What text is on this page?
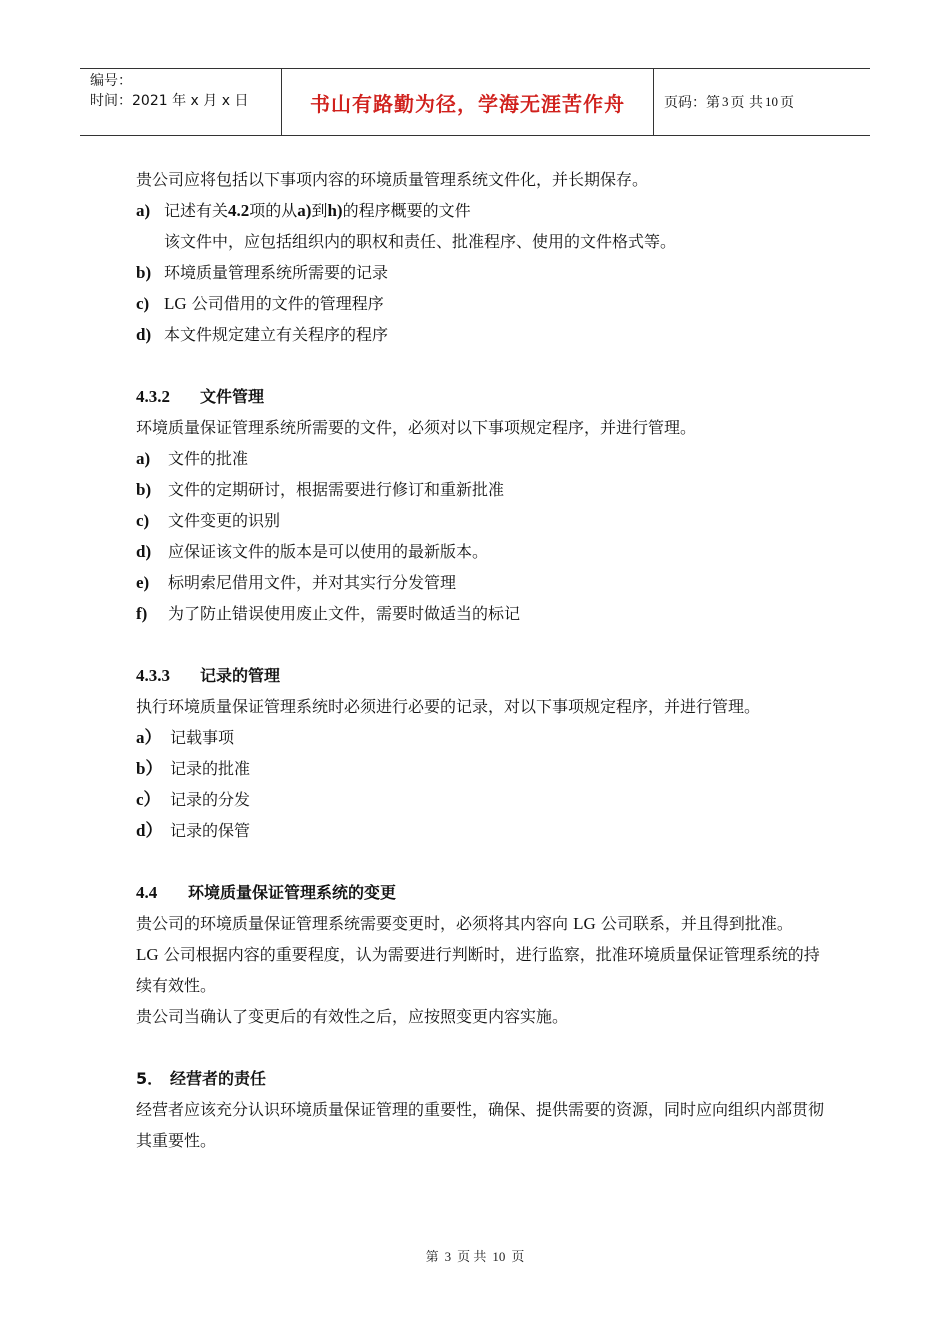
编号：
时间：2021 年 x 月 x 日	书山有路勤为径，学海无涯苦作舟	页码：第 3 页 共 10 页
贵公司应将包括以下事项内容的环境质量管理系统文件化，并长期保存。
a) 记述有关4.2项的从a)到h)的程序概要的文件
该文件中，应包括组织内的职权和责任、批准程序、使用的文件格式等。
b) 环境质量管理系统所需要的记录
c) LG 公司借用的文件的管理程序
d) 本文件规定建立有关程序的程序
4.3.2 文件管理
环境质量保证管理系统所需要的文件，必须对以下事项规定程序，并进行管理。
a) 文件的批准
b) 文件的定期研讨，根据需要进行修订和重新批准
c) 文件变更的识别
d) 应保证该文件的版本是可以使用的最新版本。
e) 标明索尼借用文件，并对其实行分发管理
f) 为了防止错误使用废止文件，需要时做适当的标记
4.3.3 记录的管理
执行环境质量保证管理系统时必须进行必要的记录，对以下事项规定程序，并进行管理。
a） 记载事项
b） 记录的批准
c） 记录的分发
d） 记录的保管
4.4 环境质量保证管理系统的变更
贵公司的环境质量保证管理系统需要变更时，必须将其内容向 LG 公司联系，并且得到批准。
LG 公司根据内容的重要程度，认为需要进行判断时，进行监察，批准环境质量保证管理系统的持续有效性。
贵公司当确认了变更后的有效性之后，应按照变更内容实施。
5． 经营者的责任
经营者应该充分认识环境质量保证管理的重要性，确保、提供需要的资源，同时应向组织内部贯彻其重要性。
第 3 页 共 10 页
